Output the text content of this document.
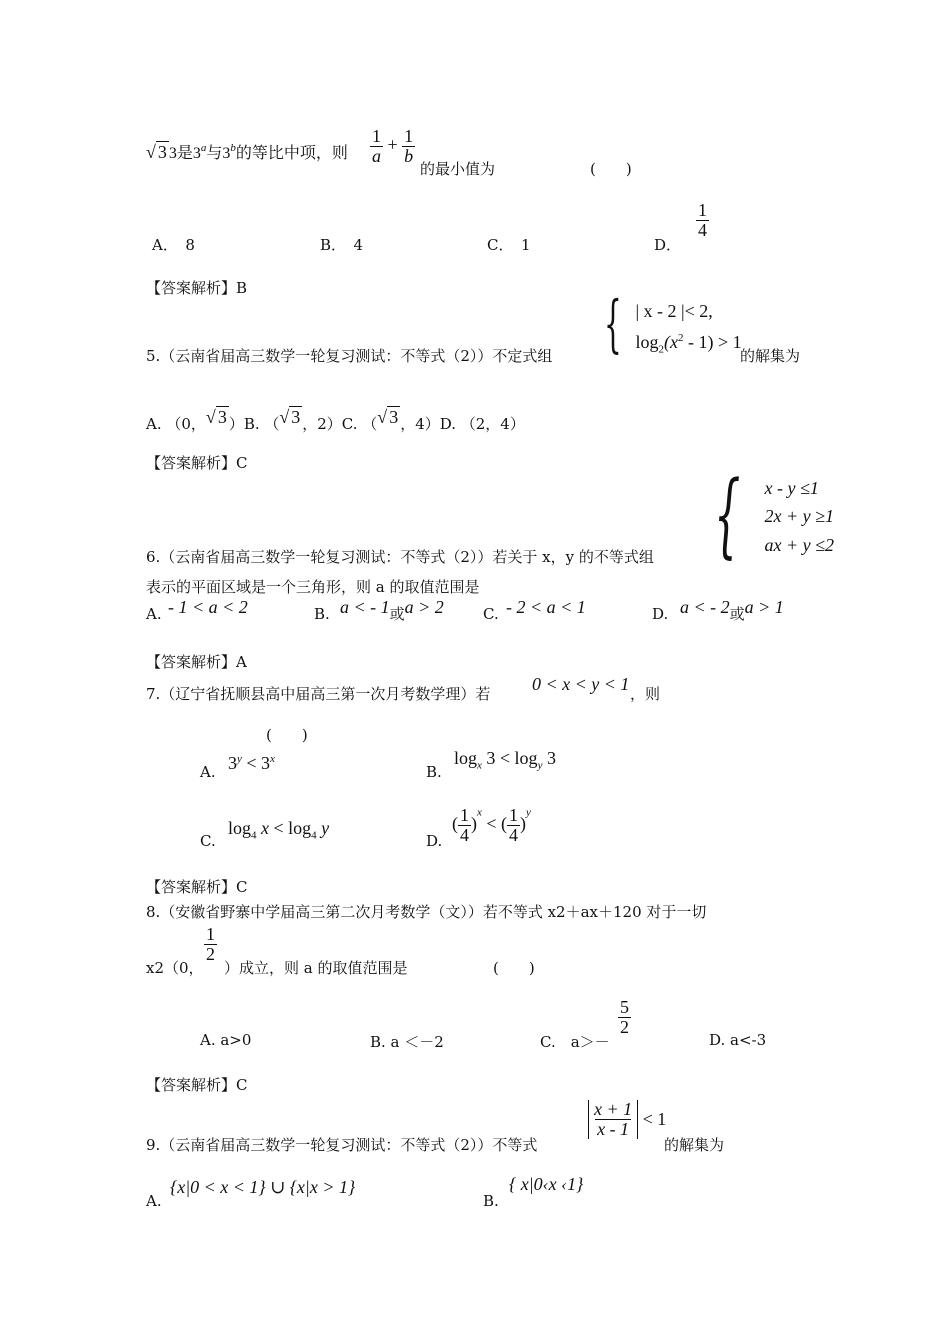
√ 3 3是3$^a$与3$^b$的等比中项，则 $\frac{1}{a} + \frac{1}{b}$
的最小值为	(　　)
A．　8	B．　4	C．　1	D．
$\frac{1}{4}$
【答案解析】B
5.（云南省届高三数学一轮复习测试：不等式（2））不定式组 { | x - 2 |< 2,
$\log_2(x^2 - 1) > 1$
的解集为
A. （0， √ 3 ）B. （ √ 3 ，2）C. （ √ 3 ，4）D. （2，4）
【答案解析】C	{ x - y ≤1
2x + y ≥1
ax + y ≤2
6.（云南省届高三数学一轮复习测试：不等式（2））若关于 x，y 的不等式组
表示的平面区域是一个三角形，则 a 的取值范围是
A. - 1 < a < 2	B. a < - 1或a > 2	C. - 2 < a < 1	D. a < - 2或a > 1
【答案解析】A
7.（辽宁省抚顺县高中届高三第一次月考数学理）若 0 < x < y < 1 ，则
(　　)
A. $3^y < 3^x$
B.
$\log_x 3 < \log_y 3$
C.
$\log_4 x < \log_4 y$
D.
( $\frac{1}{4} )^x$ < ( $\frac{1}{4} )^y$
【答案解析】C
8.（安徽省野寨中学届高三第二次月考数学（文））若不等式 x2＋ax＋120 对于一切
x2（0，
$\frac{1}{2}$
）成立，则 a 的取值范围是	(　　)
A. a>0	B. a ＜－2	C.　a＞－
$\frac{5}{2}$
D. a<-3
【答案解析】C
9.（云南省届高三数学一轮复习测试：不等式（2））不等式
$\frac{x + 1}{x - 1} < 1$
的解集为
A.
{x|0 < x < 1} ∪ {x|x > 1}
B.
{ x|0‹x ‹1}
